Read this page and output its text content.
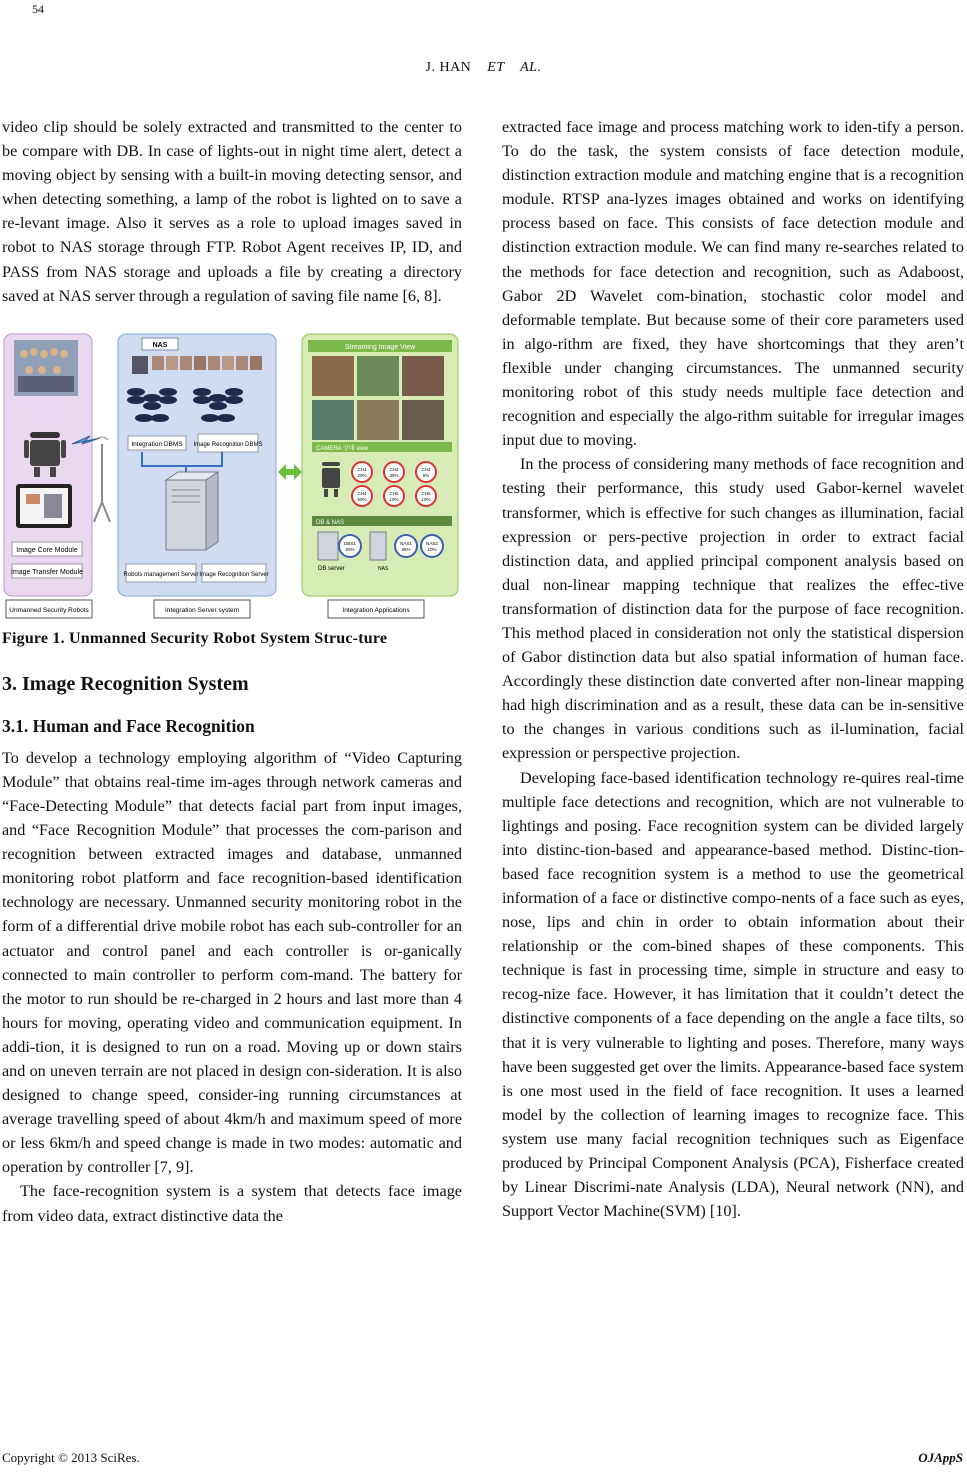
54
J. HAN ET    AL.

video clip should be solely extracted and transmitted to the center to be compare with DB. In case of lights-out in night time alert, detect a moving object by sensing with a built-in moving detecting sensor, and when detecting something, a lamp of the robot is lighted on to save a re-levant image. Also it serves as a role to upload images saved in robot to NAS storage through FTP. Robot Agent receives IP, ID, and PASS from NAS storage and uploads a file by creating a directory saved at NAS server through a regulation of saving file name [6, 8].

Image Core Module
Image Transfer Module
NAS
Integration DBMS Image Recognition DBMS
Robots management Server Image Recognition Server
Streaming Image View
CAMERA 상태 view
CH1
20%
CH2
35%
CH3
5%
CH4
50%
CH5
10%
CH6
10%
DB & NAS
DB server	NAS
DBS1
20%
NAS1
35%
NAS2
10%
Unmanned Security Robots	Integration Server system	Integration Applications
Figure 1. Unmanned Security Robot System Struc-ture
3. Image Recognition System
3.1. Human and Face Recognition

To develop a technology employing algorithm of “Video Capturing Module” that obtains real-time im-ages through network cameras and “Face-Detecting Module” that detects facial part from input images, and “Face Recognition Module” that processes the com-parison and recognition between extracted images and database, unmanned monitoring robot platform and face recognition-based identification technology are necessary. Unmanned security monitoring robot in the form of a differential drive mobile robot has each sub-controller for an actuator and control panel and each controller is or-ganically connected to main controller to perform com-mand. The battery for the motor to run should be re-charged in 2 hours and last more than 4 hours for moving, operating video and communication equipment. In addi-tion, it is designed to run on a road. Moving up or down stairs and on uneven terrain are not placed in design con-sideration. It is also designed to change speed, consider-ing running circumstances at average travelling speed of about 4km/h and maximum speed of more or less 6km/h and speed change is made in two modes: automatic and operation by controller [7, 9].

The face-recognition system is a system that detects face image from video data, extract distinctive data the

extracted face image and process matching work to iden-tify a person. To do the task, the system consists of face detection module, distinction extraction module and matching engine that is a recognition module. RTSP ana-lyzes images obtained and works on identifying process based on face. This consists of face detection module and distinction extraction module. We can find many re-searches related to the methods for face detection and recognition, such as Adaboost, Gabor 2D Wavelet com-bination, stochastic color model and deformable template. But because some of their core parameters used in algo-rithm are fixed, they have shortcomings that they aren’t flexible under changing circumstances. The unmanned security monitoring robot of this study needs multiple face detection and recognition and especially the algo-rithm suitable for irregular images input due to moving.

In the process of considering many methods of face recognition and testing their performance, this study used Gabor-kernel wavelet transformer, which is effective for such changes as illumination, facial expression or pers-pective projection in order to extract facial distinction data, and applied principal component analysis based on dual non-linear mapping technique that realizes the effec-tive transformation of distinction data for the purpose of face recognition. This method placed in consideration not only the statistical dispersion of Gabor distinction data but also spatial information of human face. Accordingly these distinction date converted after non-linear mapping had high discrimination and as a result, these data can be in-sensitive to the changes in various conditions such as il-lumination, facial expression or perspective projection.

Developing face-based identification technology re-quires real-time multiple face detections and recognition, which are not vulnerable to lightings and posing. Face recognition system can be divided largely into distinc-tion-based and appearance-based method. Distinc-tion-based face recognition system is a method to use the geometrical information of a face or distinctive compo-nents of a face such as eyes, nose, lips and chin in order to obtain information about their relationship or the com-bined shapes of these components. This technique is fast in processing time, simple in structure and easy to recog-nize face. However, it has limitation that it couldn’t detect the distinctive components of a face depending on the angle a face tilts, so that it is very vulnerable to lighting and poses. Therefore, many ways have been suggested get over the limits. Appearance-based face system is one most used in the field of face recognition. It uses a learned model by the collection of learning images to recognize face. This system use many facial recognition techniques such as Eigenface produced by Principal Component Analysis (PCA), Fisherface created by Linear Discrimi-nate Analysis (LDA), Neural network (NN), and Support Vector Machine(SVM) [10].

Copyright © 2013 SciRes.	OJAppS
